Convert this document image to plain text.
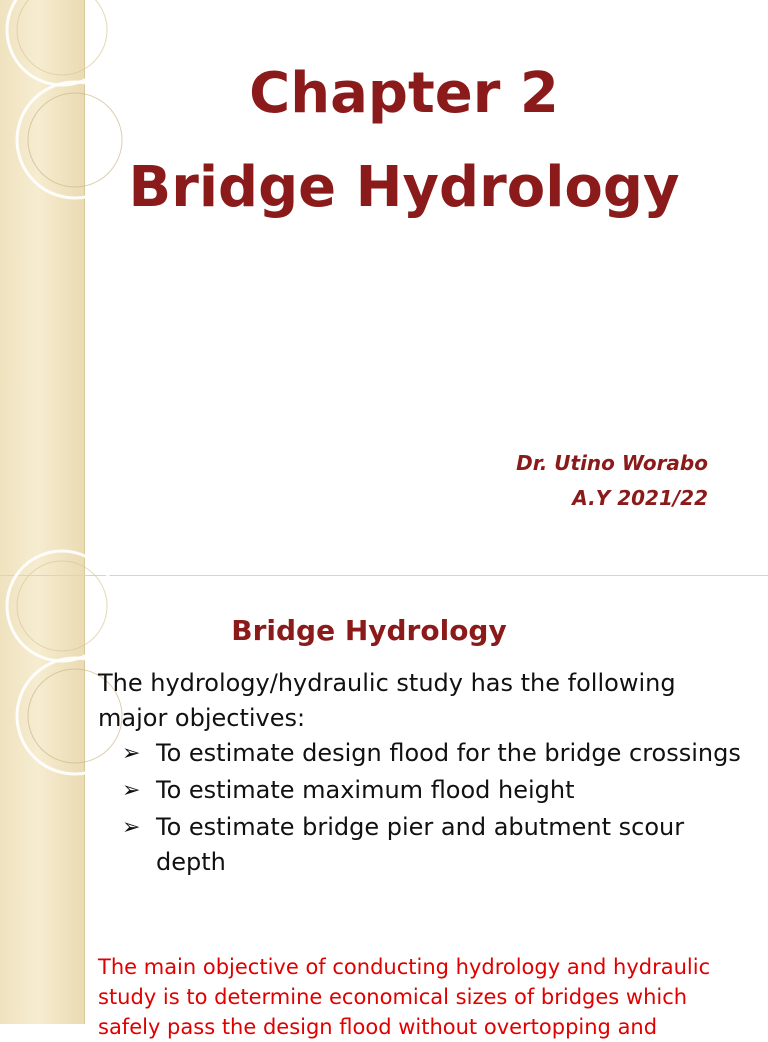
Chapter 2
Bridge Hydrology
Dr. Utino Worabo
A.Y 2021/22
Bridge Hydrology
The hydrology/hydraulic study has the following major objectives:
➢ To estimate design flood for the bridge crossings
➢ To estimate maximum flood height
➢ To estimate bridge pier and abutment scour depth
The main objective of conducting hydrology and hydraulic study is to determine economical sizes of bridges which safely pass the design flood without overtopping and
